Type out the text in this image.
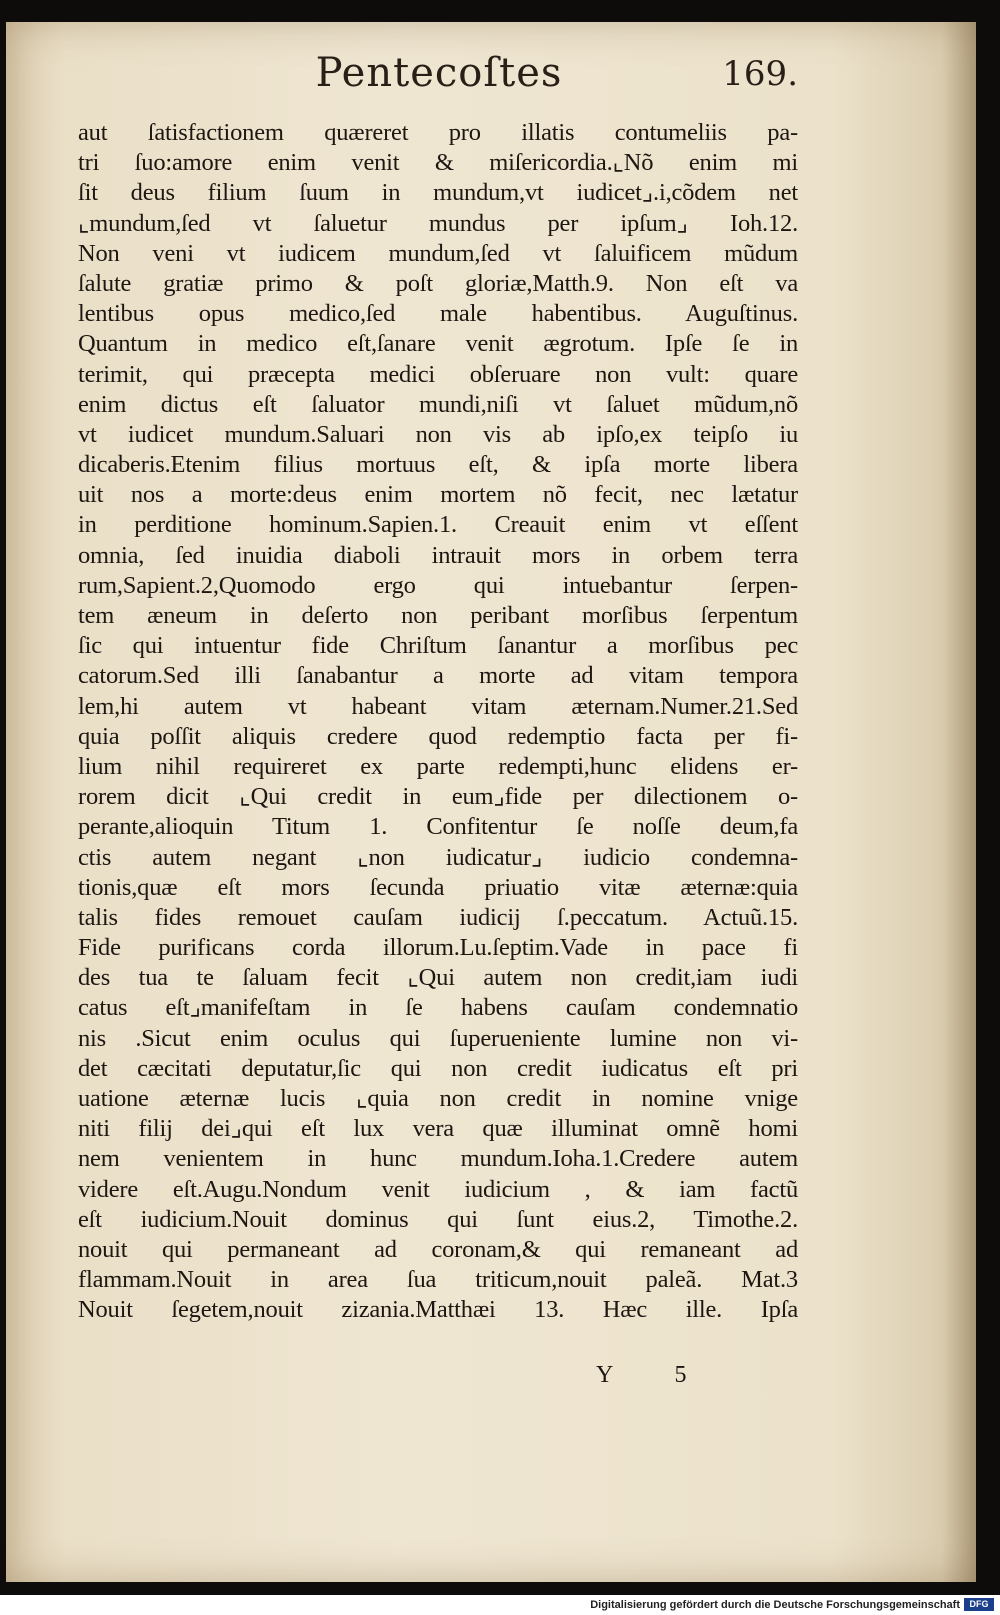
Pentecoſtes	169.
aut ſatisfactionem quæreret pro illatis contumeliis pa-
tri ſuo:amore enim venit & miſericordia.⌞Nõ enim mi
ſit deus filium ſuum in mundum,vt iudicet⌟.i,cõdem net
⌞mundum,ſed vt ſaluetur mundus per ipſum⌟ Ioh.12.
Non veni vt iudicem mundum,ſed vt ſaluificem mũdum
ſalute gratiæ primo & poſt gloriæ,Matth.9. Non eſt va
lentibus opus medico,ſed male habentibus. Auguſtinus.
Quantum in medico eſt,ſanare venit ægrotum. Ipſe ſe in
terimit, qui præcepta medici obſeruare non vult: quare
enim dictus eſt ſaluator mundi,niſi vt ſaluet mũdum,nõ
vt iudicet mundum.Saluari non vis ab ipſo,ex teipſo iu
dicaberis.Etenim filius mortuus eſt, & ipſa morte libera
uit nos a morte:deus enim mortem nõ fecit, nec lætatur
in perditione hominum.Sapien.1. Creauit enim vt eſſent
omnia, ſed inuidia diaboli intrauit mors in orbem terra
rum,Sapient.2,Quomodo ergo qui intuebantur ſerpen-
tem æneum in deſerto non peribant morſibus ſerpentum
ſic qui intuentur fide Chriſtum ſanantur a morſibus pec
catorum.Sed illi ſanabantur a morte ad vitam tempora
lem,hi autem vt habeant vitam æternam.Numer.21.Sed
quia poſſit aliquis credere quod redemptio facta per fi-
lium nihil requireret ex parte redempti,hunc elidens er-
rorem dicit ⌞Qui credit in eum⌟fide per dilectionem o-
perante,alioquin Titum 1. Confitentur ſe noſſe deum,fa
ctis autem negant ⌞non iudicatur⌟ iudicio condemna-
tionis,quæ eſt mors ſecunda priuatio vitæ æternæ:quia
talis fides remouet cauſam iudicij ſ.peccatum. Actuũ.15.
Fide purificans corda illorum.Lu.ſeptim.Vade in pace fi
des tua te ſaluam fecit ⌞Qui autem non credit,iam iudi
catus eſt⌟manifeſtam in ſe habens cauſam condemnatio
nis .Sicut enim oculus qui ſuperueniente lumine non vi-
det cæcitati deputatur,ſic qui non credit iudicatus eſt pri
uatione æternæ lucis ⌞quia non credit in nomine vnige
niti filij dei⌟qui eſt lux vera quæ illuminat omnẽ homi
nem venientem in hunc mundum.Ioha.1.Credere autem
videre eſt.Augu.Nondum venit iudicium , & iam factũ
eſt iudicium.Nouit dominus qui ſunt eius.2, Timothe.2.
nouit qui permaneant ad coronam,& qui remaneant ad
flammam.Nouit in area ſua triticum,nouit paleã. Mat.3
Nouit ſegetem,nouit zizania.Matthæi 13. Hæc ille. Ipſa
Y 5
Digitalisierung gefördert durch die Deutsche Forschungsgemeinschaft	DFG
